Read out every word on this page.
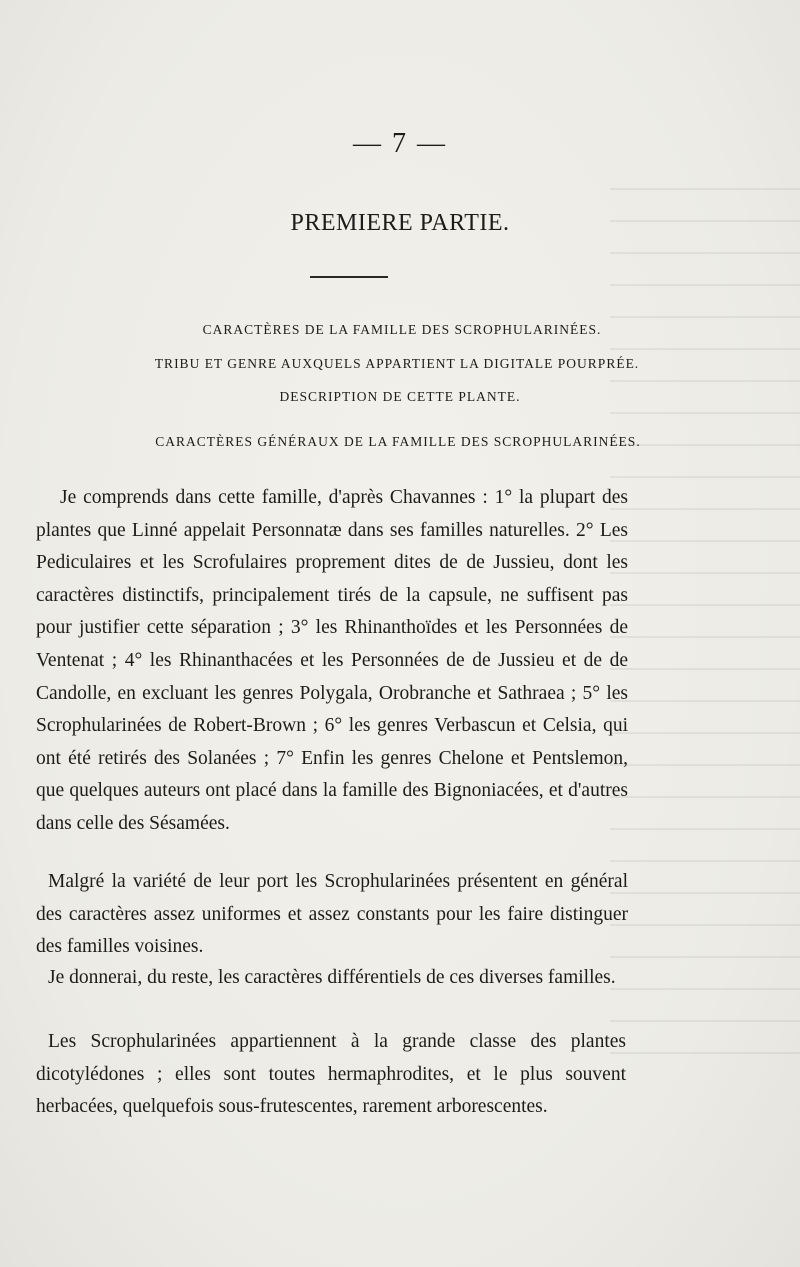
— 7 —
PREMIERE PARTIE.
CARACTÈRES DE LA FAMILLE DES SCROPHULARINÉES.
TRIBU ET GENRE AUXQUELS APPARTIENT LA DIGITALE POURPRÉE.
DESCRIPTION DE CETTE PLANTE.
CARACTÈRES GÉNÉRAUX DE LA FAMILLE DES SCROPHULARINÉES.
Je comprends dans cette famille, d'après Chavannes : 1° la plupart des plantes que Linné appelait Personnatæ dans ses familles naturelles. 2° Les Pediculaires et les Scrofulaires proprement dites de de Jussieu, dont les caractères distinctifs, principalement tirés de la capsule, ne suffisent pas pour justifier cette séparation ; 3° les Rhinanthoïdes et les Personnées de Ventenat ; 4° les Rhinanthacées et les Personnées de de Jussieu et de de Candolle, en excluant les genres Polygala, Orobranche et Sathraea ; 5° les Scrophularinées de Robert-Brown ; 6° les genres Verbascun et Celsia, qui ont été retirés des Solanées ; 7° Enfin les genres Chelone et Pentslemon, que quelques auteurs ont placé dans la famille des Bignoniacées, et d'autres dans celle des Sésamées.
Malgré la variété de leur port les Scrophularinées présentent en général des caractères assez uniformes et assez constants pour les faire distinguer des familles voisines.
Je donnerai, du reste, les caractères différentiels de ces diverses familles.
Les Scrophularinées appartiennent à la grande classe des plantes dicotylédones ; elles sont toutes hermaphrodites, et le plus souvent herbacées, quelquefois sous-frutescentes, rarement arborescentes.
